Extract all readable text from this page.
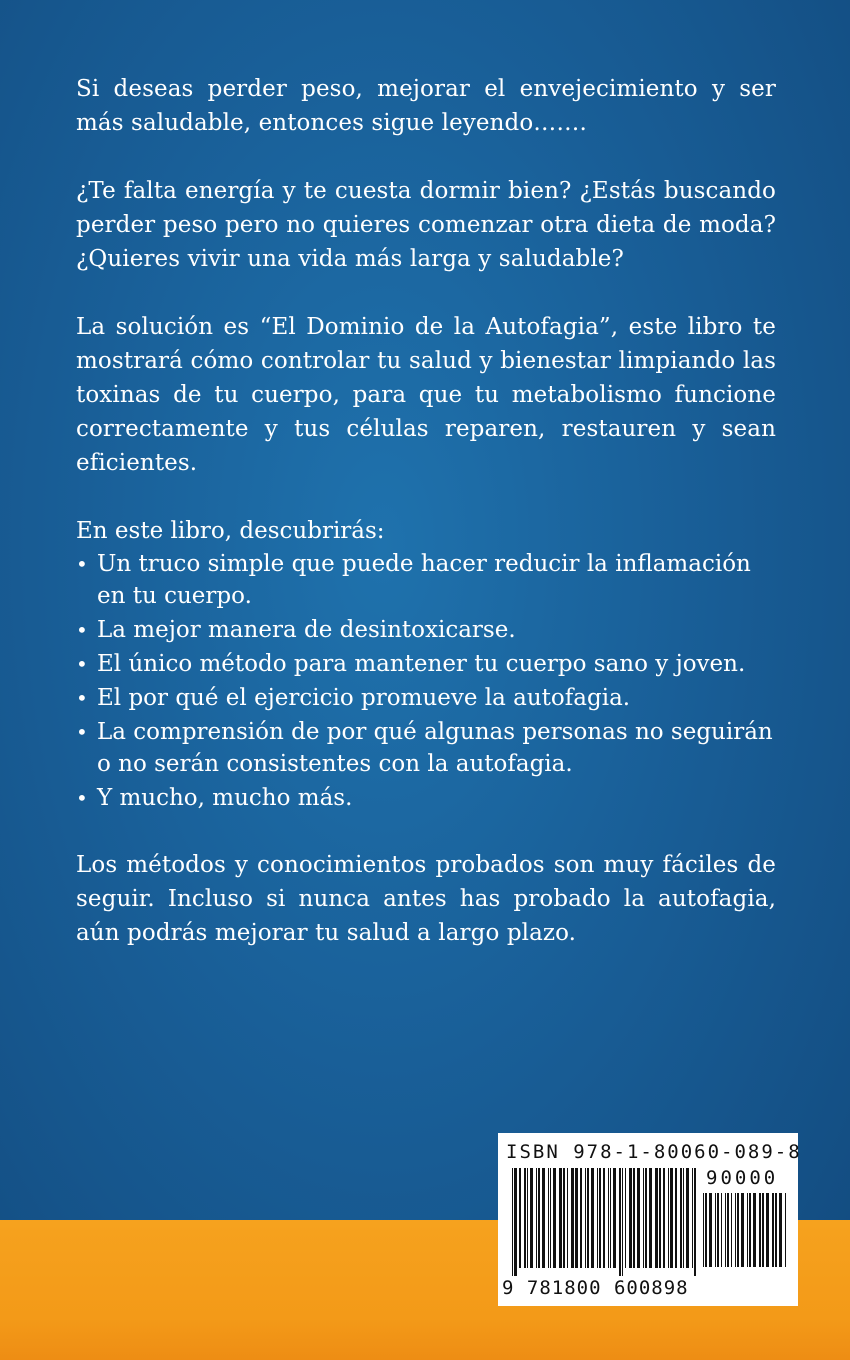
Si deseas perder peso, mejorar el envejecimiento y ser más saludable, entonces sigue leyendo…….

¿Te falta energía y te cuesta dormir bien? ¿Estás buscando perder peso pero no quieres comenzar otra dieta de moda? ¿Quieres vivir una vida más larga y saludable?

La solución es “El Dominio de la Autofagia”, este libro te mostrará cómo controlar tu salud y bienestar limpiando las toxinas de tu cuerpo, para que tu metabolismo funcione correctamente y tus células reparen, restauren y sean eficientes.

En este libro, descubrirás:
• Un truco simple que puede hacer reducir la inflamación en tu cuerpo.
• La mejor manera de desintoxicarse.
• El único método para mantener tu cuerpo sano y joven.
• El por qué el ejercicio promueve la autofagia.
• La comprensión de por qué algunas personas no seguirán o no serán consistentes con la autofagia.
• Y mucho, mucho más.

Los métodos y conocimientos probados son muy fáciles de seguir. Incluso si nunca antes has probado la autofagia, aún podrás mejorar tu salud a largo plazo.

ISBN 978-1-80060-089-8
90000
9 781800 600898
